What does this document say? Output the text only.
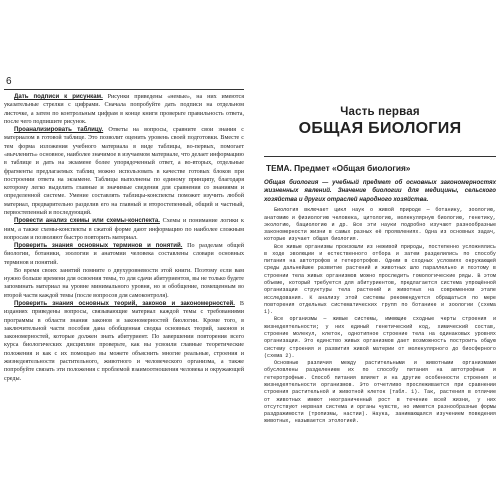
6

Дать подписи к рисункам. Рисунки приведены «немые», на них имеются указательные стрелки с цифрами. Сначала попробуйте дать подписи на отдельном листочке, а затем по контрольным цифрам в конце книги проверьте правильность ответа, после чего подпишите рисунок.

Проанализировать таблицу. Ответы на вопросы, сравните свои знания с материалом в готовой таблице. Это позволит оценить уровень своей подготовки. Вместе с тем форма изложения учебного материала в виде таблицы, во-первых, помогает «вычленить» основное, наиболее значимое в изучаемом материале, что делает информацию в таблице и дать на экзамене более упорядоченный ответ, а во-вторых, отдельные фрагменты предлагаемых таблиц можно использовать в качестве готовых блоков при построении ответа на экзамене. Таблицы выполнены по единому принципу, благодаря которому легко выделить главные и значимые сведения для сравнения со знаниями и определенной системе. Умение составлять таблицы-конспекты поможет изучить любой материал, предварительно разделив его на главный и второстепенный, общий и частный, первостепенный и последующий.

Провести анализ схемы или схемы-конспекта. Схемы и понимание логики к ним, а также схемы-конспекты в сжатой форме дают информацию по наиболее сложным вопросам и позволяют быстро повторить материал.

Проверить знания основных терминов и понятий. По разделам общей биологии, ботаники, зоологии и анатомии человека составлены словари основных терминов и понятий.

Во время своих занятий помните о двухуровневости этой книги. Поэтому если вам нужно больше времени для освоения темы, то для сдачи абитуриентов, вы не только будете запоминать материал на уровне минимального уровня, но и обобщение, помещенным во второй части каждой темы (после вопросов для самоконтроля).

Проверить знания основных теорий, законов и закономерностей. В изданиях приведены вопросы, связывающие материал каждой темы с требованиями программы в области знания законов и закономерностей биологии. Кроме того, в заключительной части пособия дана обобщенная сводка основных теорий, законов и закономерностей, которые должен знать абитуриент. По завершении повторения всего курса биологических дисциплин проверьте, как вы усвоили главные теоретические положения и как с их помощью вы можете объяснить многие реальные, строения и жизнедеятельности растительного, животного и человеческого организма, а также попробуйте связать эти положения с проблемой взаимоотношения человека и окружающей среды.

Часть первая
ОБЩАЯ БИОЛОГИЯ
ТЕМА. Предмет «Общая биология»

Общая биология — учебный предмет об основных закономерностях жизненных явлений. Значение биологии для медицины, сельского хозяйства и других отраслей народного хозяйства.

Биология включает цикл наук о живой природе — ботанику, зоологию, анатомию и физиологию человека, цитологию, молекулярную биологию, генетику, экологию, бациологию и др. Все эти науки подробно изучают разнообразные закономерности жизни в самых разных её проявлениях. Одна из основных задач, которые изучает общая биология.

Все живые организмы произошли из неживой природы, постепенно усложнялись в ходе эволюции и естественного отбора и затем разделились по способу питания на автотрофов и гетеротрофов. Одним в сходных условиях окружающей среды дальнейшее развитие растений и животных шло параллельно и поэтому в строении тела живых организмов можно проследить гомологические ряды. В этом объеме, который требуется для абитуриентов, предлагается система упрощённой организации структуры тела растений и животных на современном этапе исследования. К анализу этой системы рекомендуется обращаться по мере повторения отдельных систематических групп по ботанике и зоологии (схема 1).

Все организмы — живые системы, имеющие сходные черты строения и жизнедеятельности; у них единый генетический код, химический состав, строение молекул, клеток, однотипное строение тела на одинаковых уровнях организации. Это единство живых организмов дает возможность построить общую систему строения и развития живой материи от молекулярного до биосферного (схема 2).

Основные различия между растительными и животными организмами обусловлены разделением их по способу питания на автотрофные и гетеротрофные. Способ питания влияет и на другие особенности строения и жизнедеятельности организмов. Это отчетливо прослеживается при сравнении строения растительной и животной клеток (табл. 1). Так, растения в отличие от животных имеют неограниченный рост в течение всей жизни, у них отсутствуют нервная система и органы чувств, но имеются разнообразные формы раздражимости (тропизмы, настии). Наука, занимающаяся изучением поведения животных, называется этологией.
